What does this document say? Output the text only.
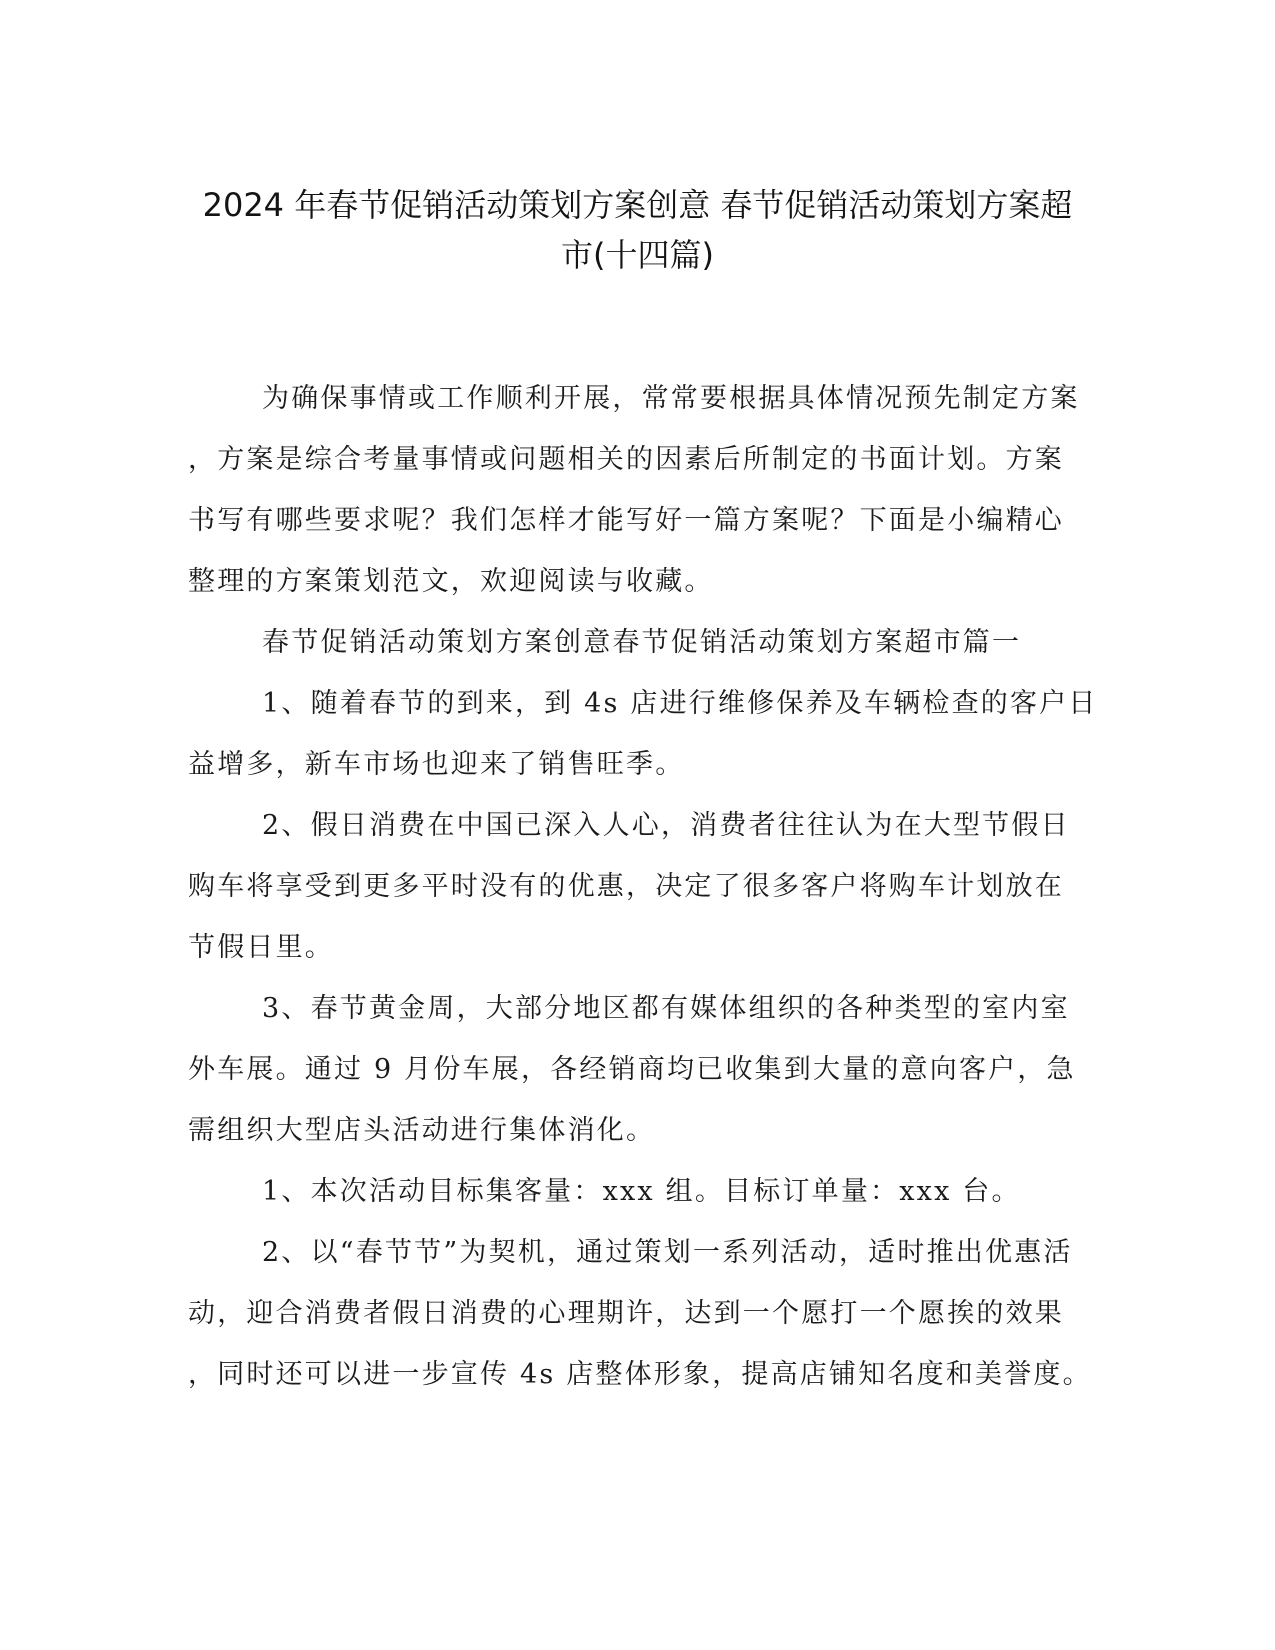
2024 年春节促销活动策划方案创意 春节促销活动策划方案超
市(十四篇)
为确保事情或工作顺利开展，常常要根据具体情况预先制定方案
，方案是综合考量事情或问题相关的因素后所制定的书面计划。方案
书写有哪些要求呢？我们怎样才能写好一篇方案呢？下面是小编精心
整理的方案策划范文，欢迎阅读与收藏。
春节促销活动策划方案创意春节促销活动策划方案超市篇一
1、随着春节的到来，到 4s 店进行维修保养及车辆检查的客户日
益增多，新车市场也迎来了销售旺季。
2、假日消费在中国已深入人心，消费者往往认为在大型节假日
购车将享受到更多平时没有的优惠，决定了很多客户将购车计划放在
节假日里。
3、春节黄金周，大部分地区都有媒体组织的各种类型的室内室
外车展。通过 9 月份车展，各经销商均已收集到大量的意向客户，急
需组织大型店头活动进行集体消化。
1、本次活动目标集客量：xxx 组。目标订单量：xxx 台。
2、以“春节节”为契机，通过策划一系列活动，适时推出优惠活
动，迎合消费者假日消费的心理期许，达到一个愿打一个愿挨的效果
，同时还可以进一步宣传 4s 店整体形象，提高店铺知名度和美誉度。
